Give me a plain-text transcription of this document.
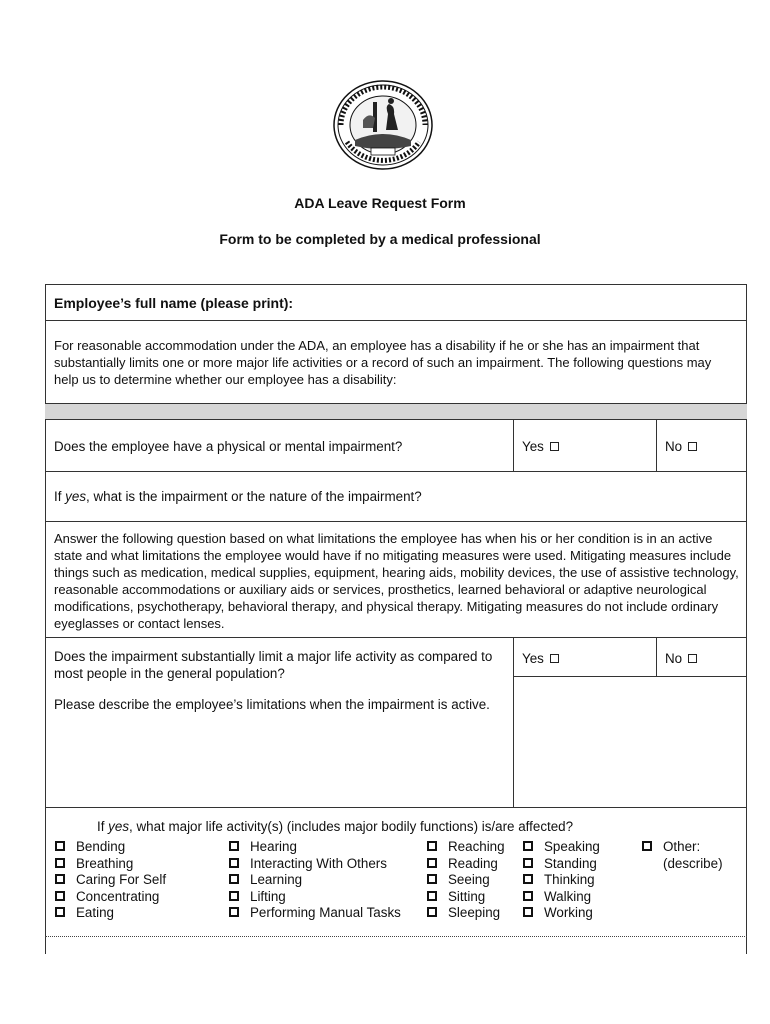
ADA Leave Request Form
Form to be completed by a medical professional
Employee’s full name (please print):
For reasonable accommodation under the ADA, an employee has a disability if he or she has an impairment that substantially limits one or more major life activities or a record of such an impairment. The following questions may help us to determine whether our employee has a disability:
Does the employee have a physical or mental impairment?	Yes	No
If yes, what is the impairment or the nature of the impairment?
Answer the following question based on what limitations the employee has when his or her condition is in an active state and what limitations the employee would have if no mitigating measures were used. Mitigating measures include things such as medication, medical supplies, equipment, hearing aids, mobility devices, the use of assistive technology, reasonable accommodations or auxiliary aids or services, prosthetics, learned behavioral or adaptive neurological modifications, psychotherapy, behavioral therapy, and physical therapy. Mitigating measures do not include ordinary eyeglasses or contact lenses.
Does the impairment substantially limit a major life activity as compared to most people in the general population?
Yes	No
Please describe the employee’s limitations when the impairment is active.
If yes, what major life activity(s) (includes major bodily functions) is/are affected?
Bending
Breathing
Caring For Self
Concentrating
Eating
Hearing
Interacting With Others
Learning
Lifting
Performing Manual Tasks
Reaching
Reading
Seeing
Sitting
Sleeping
Speaking
Standing
Thinking
Walking
Working
Other:
(describe)
